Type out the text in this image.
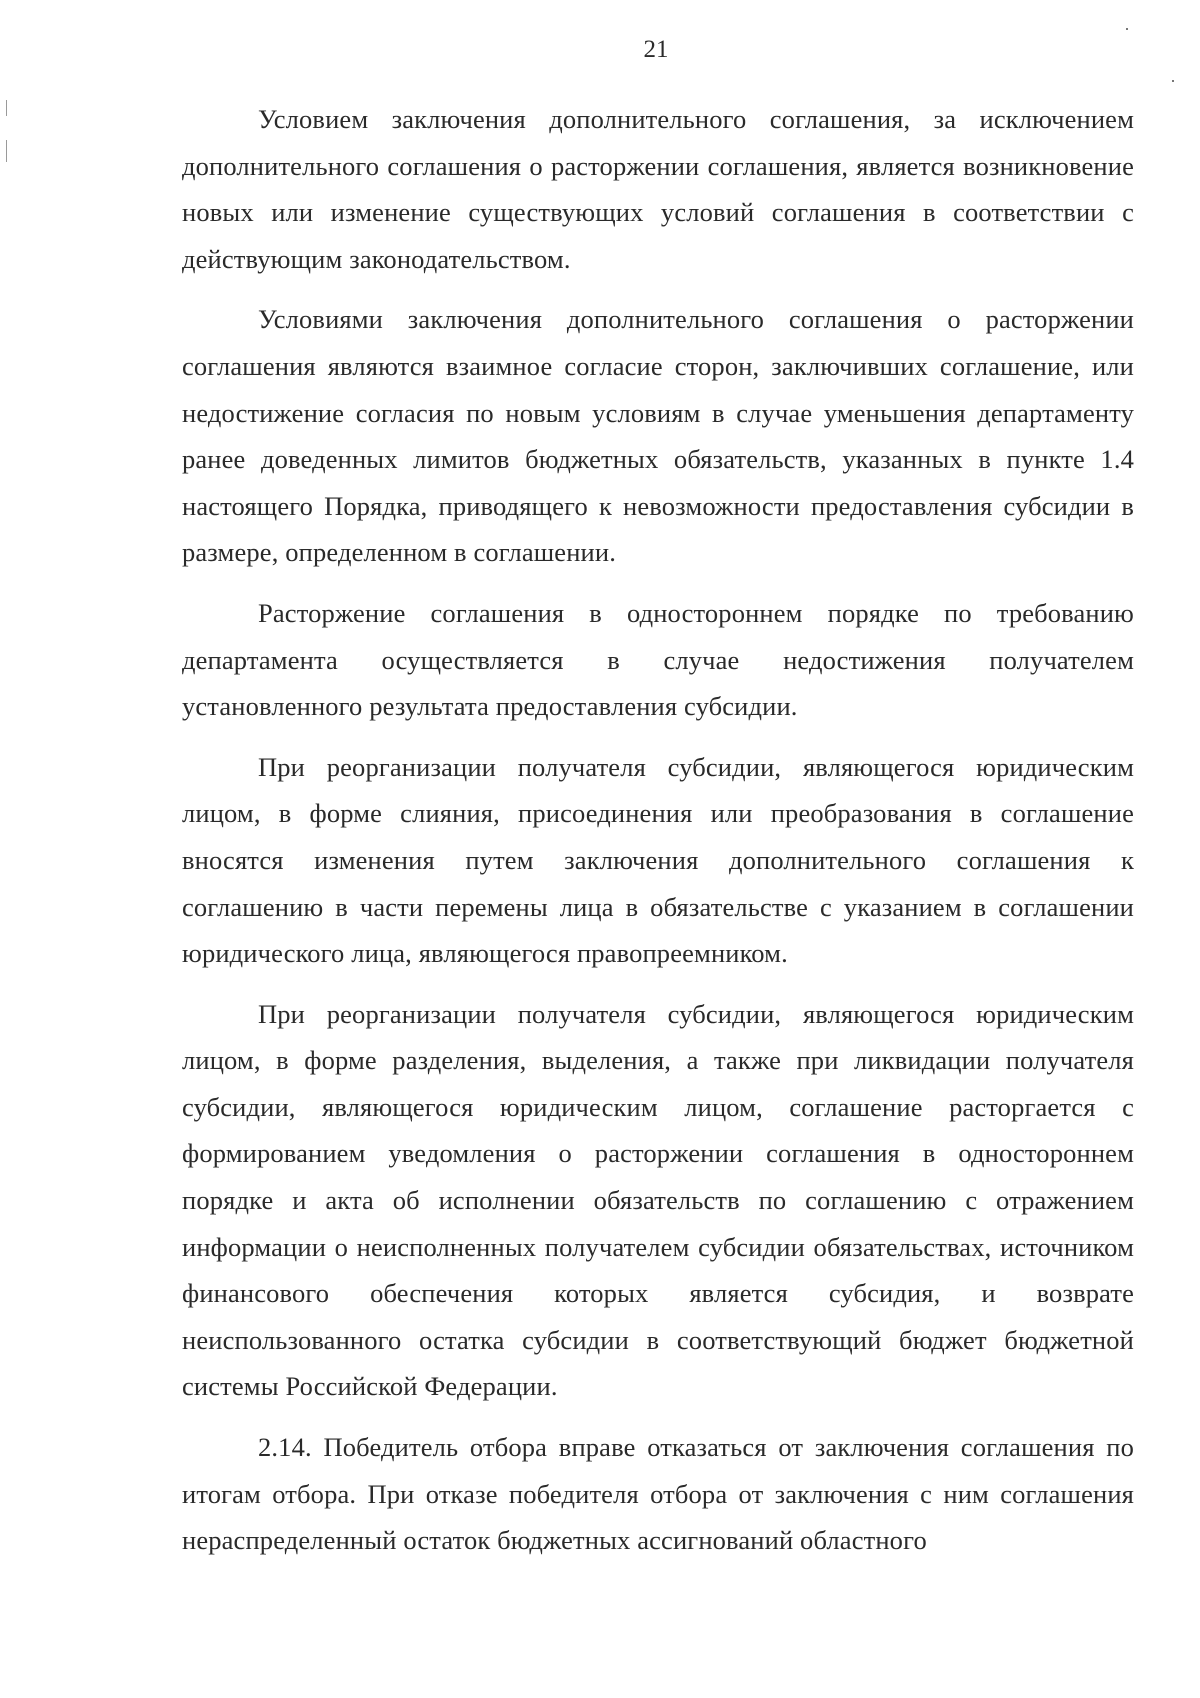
21

Условием заключения дополнительного соглашения, за исключением дополнительного соглашения о расторжении соглашения, является возникновение новых или изменение существующих условий соглашения в соответствии с действующим законодательством.

Условиями заключения дополнительного соглашения о расторжении соглашения являются взаимное согласие сторон, заключивших соглашение, или недостижение согласия по новым условиям в случае уменьшения департаменту ранее доведенных лимитов бюджетных обязательств, указанных в пункте 1.4 настоящего Порядка, приводящего к невозможности предоставления субсидии в размере, определенном в соглашении.

Расторжение соглашения в одностороннем порядке по требованию департамента осуществляется в случае недостижения получателем установленного результата предоставления субсидии.

При реорганизации получателя субсидии, являющегося юридическим лицом, в форме слияния, присоединения или преобразования в соглашение вносятся изменения путем заключения дополнительного соглашения к соглашению в части перемены лица в обязательстве с указанием в соглашении юридического лица, являющегося правопреемником.

При реорганизации получателя субсидии, являющегося юридическим лицом, в форме разделения, выделения, а также при ликвидации получателя субсидии, являющегося юридическим лицом, соглашение расторгается с формированием уведомления о расторжении соглашения в одностороннем порядке и акта об исполнении обязательств по соглашению с отражением информации о неисполненных получателем субсидии обязательствах, источником финансового обеспечения которых является субсидия, и возврате неиспользованного остатка субсидии в соответствующий бюджет бюджетной системы Российской Федерации.

2.14. Победитель отбора вправе отказаться от заключения соглашения по итогам отбора. При отказе победителя отбора от заключения с ним соглашения нераспределенный остаток бюджетных ассигнований областного
